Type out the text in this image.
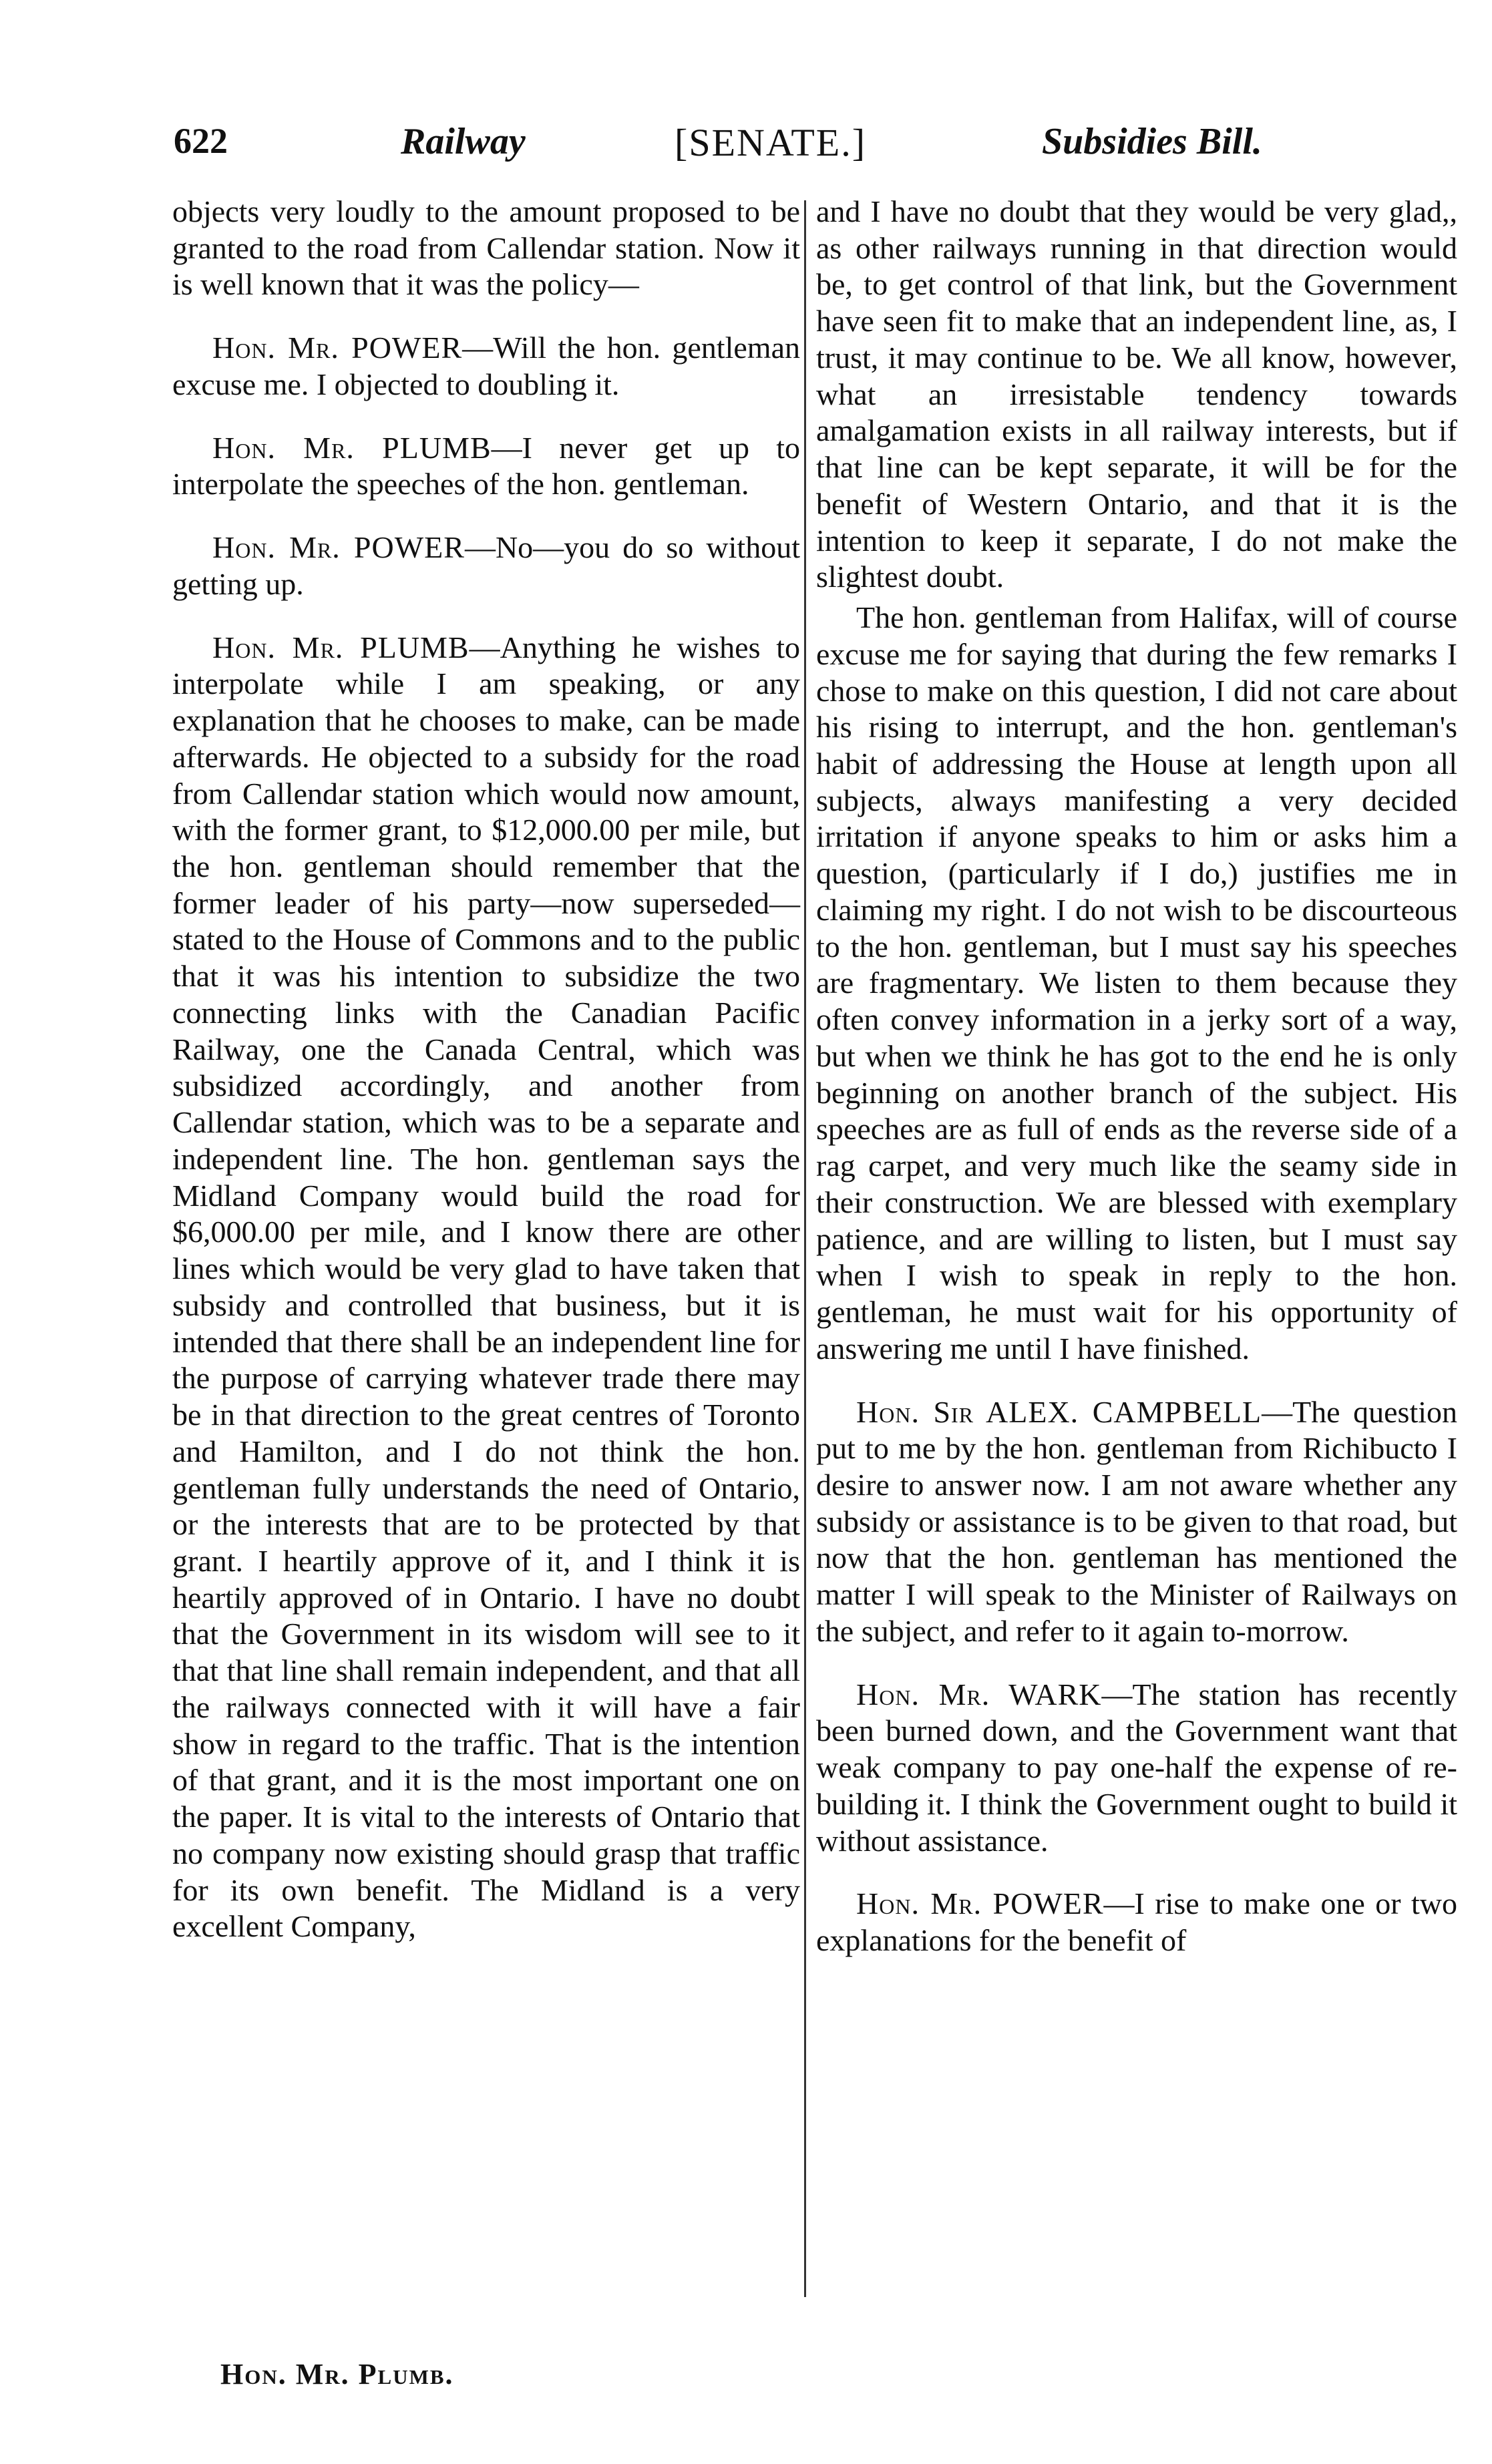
622	Railway	[SENATE.]	Subsidies Bill.

objects very loudly to the amount proposed to be granted to the road from Callendar station. Now it is well known that it was the policy—

Hon. Mr. POWER—Will the hon. gentleman excuse me. I objected to doubling it.

Hon. Mr. PLUMB—I never get up to interpolate the speeches of the hon. gentleman.

Hon. Mr. POWER—No—you do so without getting up.

Hon. Mr. PLUMB—Anything he wishes to interpolate while I am speaking, or any explanation that he chooses to make, can be made afterwards. He objected to a subsidy for the road from Callendar station which would now amount, with the former grant, to $12,000.00 per mile, but the hon. gentleman should remember that the former leader of his party—now superseded—stated to the House of Commons and to the public that it was his intention to subsidize the two connecting links with the Canadian Pacific Railway, one the Canada Central, which was subsidized accordingly, and another from Callendar station, which was to be a separate and independent line. The hon. gentleman says the Midland Company would build the road for $6,000.00 per mile, and I know there are other lines which would be very glad to have taken that subsidy and controlled that business, but it is intended that there shall be an independent line for the purpose of carrying whatever trade there may be in that direction to the great centres of Toronto and Hamilton, and I do not think the hon. gentleman fully understands the need of Ontario, or the interests that are to be protected by that grant. I heartily approve of it, and I think it is heartily approved of in Ontario. I have no doubt that the Government in its wisdom will see to it that that line shall remain independent, and that all the railways connected with it will have a fair show in regard to the traffic. That is the intention of that grant, and it is the most important one on the paper. It is vital to the interests of Ontario that no company now existing should grasp that traffic for its own benefit. The Midland is a very excellent Company,

and I have no doubt that they would be very glad,, as other railways running in that direction would be, to get control of that link, but the Government have seen fit to make that an independent line, as, I trust, it may continue to be. We all know, however, what an irresistable tendency towards amalgamation exists in all railway interests, but if that line can be kept separate, it will be for the benefit of Western Ontario, and that it is the intention to keep it separate, I do not make the slightest doubt.

The hon. gentleman from Halifax, will of course excuse me for saying that during the few remarks I chose to make on this question, I did not care about his rising to interrupt, and the hon. gentleman's habit of addressing the House at length upon all subjects, always manifesting a very decided irritation if anyone speaks to him or asks him a question, (particularly if I do,) justifies me in claiming my right. I do not wish to be discourteous to the hon. gentleman, but I must say his speeches are fragmentary. We listen to them because they often convey information in a jerky sort of a way, but when we think he has got to the end he is only beginning on another branch of the subject. His speeches are as full of ends as the reverse side of a rag carpet, and very much like the seamy side in their construction. We are blessed with exemplary patience, and are willing to listen, but I must say when I wish to speak in reply to the hon. gentleman, he must wait for his opportunity of answering me until I have finished.

Hon. Sir ALEX. CAMPBELL—The question put to me by the hon. gentleman from Richibucto I desire to answer now. I am not aware whether any subsidy or assistance is to be given to that road, but now that the hon. gentleman has mentioned the matter I will speak to the Minister of Railways on the subject, and refer to it again to-morrow.

Hon. Mr. WARK—The station has recently been burned down, and the Government want that weak company to pay one-half the expense of re-building it. I think the Government ought to build it without assistance.

Hon. Mr. POWER—I rise to make one or two explanations for the benefit of

Hon. Mr. Plumb.
